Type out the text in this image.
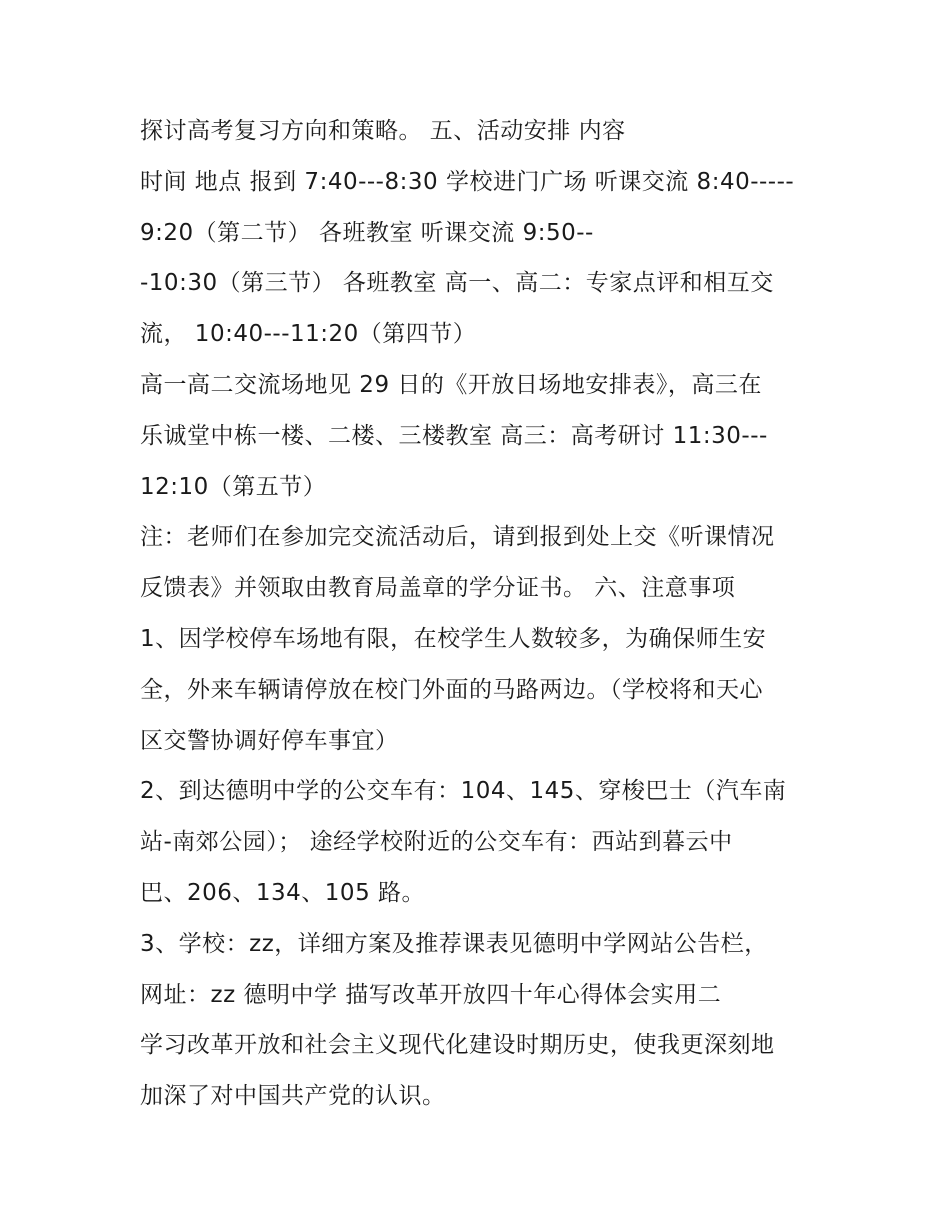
探讨高考复习方向和策略。 五、活动安排 内容
时间 地点 报到 7:40---8:30 学校进门广场 听课交流 8:40-----
9:20（第二节） 各班教室 听课交流 9:50--
-10:30（第三节） 各班教室 高一、高二：专家点评和相互交
流， 10:40---11:20（第四节）
高一高二交流场地见 29 日的《开放日场地安排表》，高三在
乐诚堂中栋一楼、二楼、三楼教室 高三：高考研讨 11:30---
12:10（第五节）
注：老师们在参加完交流活动后，请到报到处上交《听课情况
反馈表》并领取由教育局盖章的学分证书。 六、注意事项
1、因学校停车场地有限，在校学生人数较多，为确保师生安
全，外来车辆请停放在校门外面的马路两边。（学校将和天心
区交警协调好停车事宜）
2、到达德明中学的公交车有：104、145、穿梭巴士（汽车南
站-南郊公园）； 途经学校附近的公交车有：西站到暮云中
巴、206、134、105 路。
3、学校：zz，详细方案及推荐课表见德明中学网站公告栏，
网址：zz 德明中学 描写改革开放四十年心得体会实用二
学习改革开放和社会主义现代化建设时期历史，使我更深刻地
加深了对中国共产党的认识。
